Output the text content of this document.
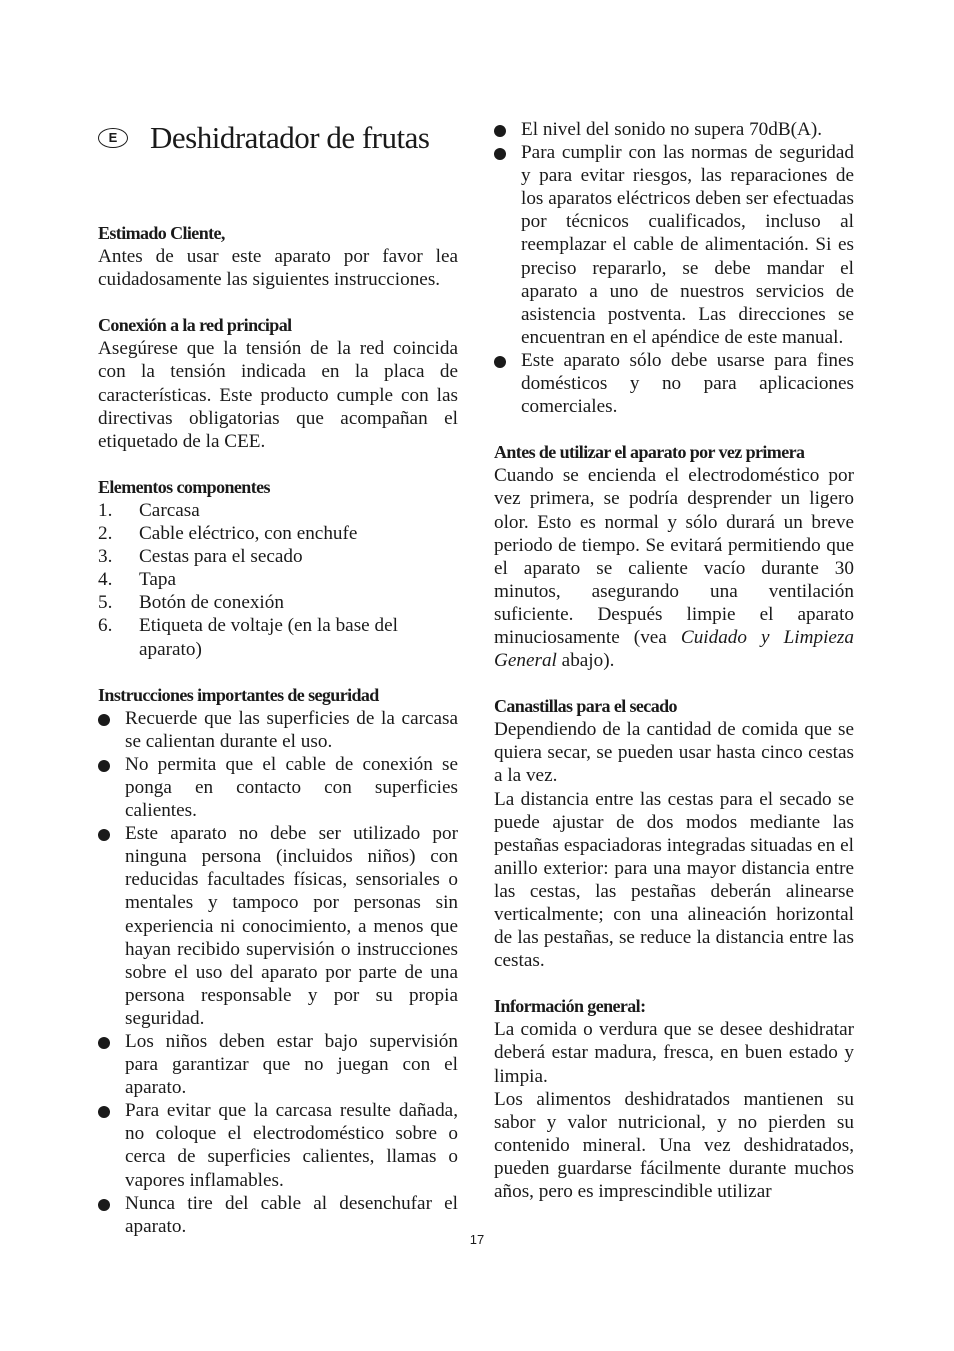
E	Deshidratador de frutas
Estimado Cliente,

Antes de usar este aparato por favor lea cuidadosamente las siguientes instrucciones.

Conexión a la red principal

Asegúrese que la tensión de la red coincida con la tensión indicada en la placa de características. Este producto cumple con las directivas obligatorias que acompañan el etiquetado de la CEE.

Elementos componentes
1.	Carcasa
2.	Cable eléctrico, con enchufe
3.	Cestas para el secado
4.	Tapa
5.	Botón de conexión
6.	Etiqueta de voltaje (en la base del aparato)
Instrucciones importantes de seguridad
Recuerde que las superficies de la carcasa se calientan durante el uso.
No permita que el cable de conexión se ponga en contacto con superficies calientes.
Este aparato no debe ser utilizado por ninguna persona (incluidos niños) con reducidas facultades físicas, sensoriales o mentales y tampoco por personas sin experiencia ni conocimiento, a menos que hayan recibido supervisión o instrucciones sobre el uso del aparato por parte de una persona responsable y por su propia seguridad.
Los niños deben estar bajo supervisión para garantizar que no juegan con el aparato.
Para evitar que la carcasa resulte dañada, no coloque el electrodoméstico sobre o cerca de superficies calientes, llamas o vapores inflamables.
Nunca tire del cable al desenchufar el aparato.
El nivel del sonido no supera 70dB(A).
Para cumplir con las normas de seguridad y para evitar riesgos, las reparaciones de los aparatos eléctricos deben ser efectuadas por técnicos cualificados, incluso al reemplazar el cable de alimentación. Si es preciso repararlo, se debe mandar el aparato a uno de nuestros servicios de asistencia postventa. Las direcciones se encuentran en el apéndice de este manual.
Este aparato sólo debe usarse para fines domésticos y no para aplicaciones comerciales.
Antes de utilizar el aparato por vez primera

Cuando se encienda el electrodoméstico por vez primera, se podría desprender un ligero olor. Esto es normal y sólo durará un breve periodo de tiempo. Se evitará permitiendo que el aparato se caliente vacío durante 30 minutos, asegurando una ventilación suficiente. Después limpie el aparato minuciosamente (vea Cuidado y Limpieza General abajo).

Canastillas para el secado

Dependiendo de la cantidad de comida que se quiera secar, se pueden usar hasta cinco cestas a la vez.

La distancia entre las cestas para el secado se puede ajustar de dos modos mediante las pestañas espaciadoras integradas situadas en el anillo exterior: para una mayor distancia entre las cestas, las pestañas deberán alinearse verticalmente; con una alineación horizontal de las pestañas, se reduce la distancia entre las cestas.

Información general:

La comida o verdura que se desee deshidratar deberá estar madura, fresca, en buen estado y limpia.

Los alimentos deshidratados mantienen su sabor y valor nutricional, y no pierden su contenido mineral. Una vez deshidratados, pueden guardarse fácilmente durante muchos años, pero es imprescindible utilizar

17
